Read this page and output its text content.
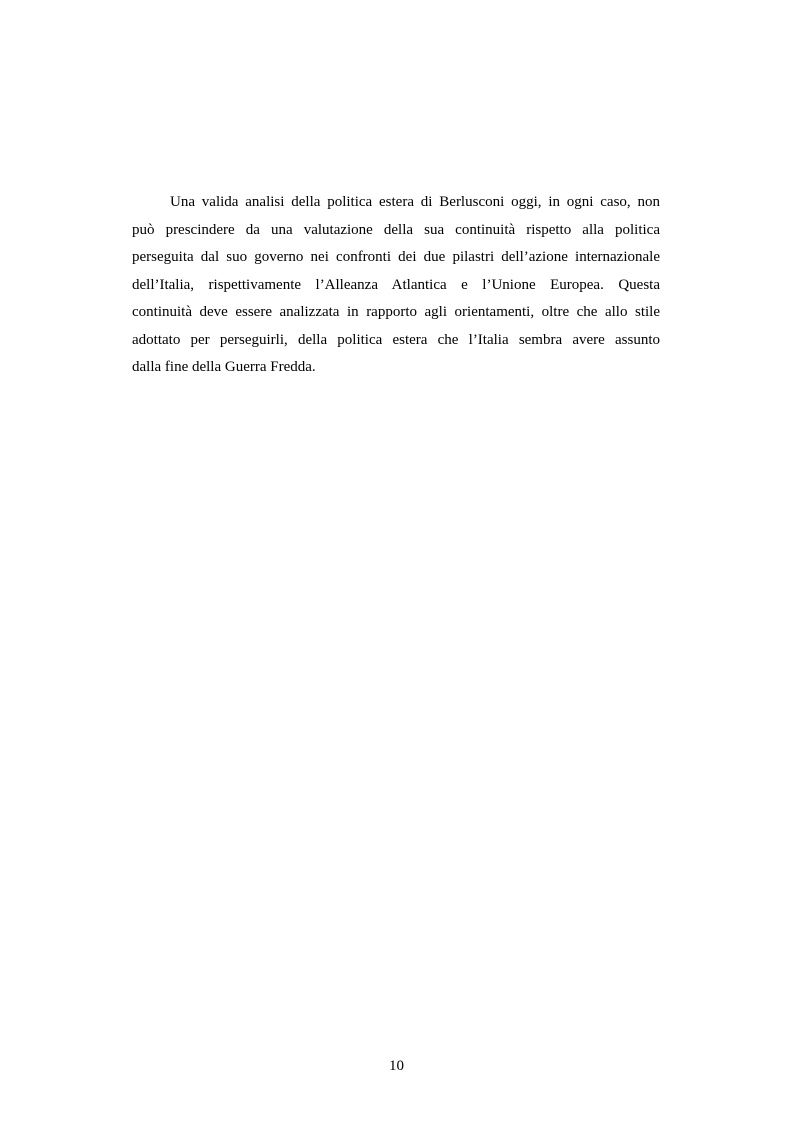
Una valida analisi della politica estera di Berlusconi oggi, in ogni caso, non
può prescindere da una valutazione della sua continuità rispetto alla politica
perseguita dal suo governo nei confronti dei due pilastri dell’azione internazionale
dell’Italia, rispettivamente l’Alleanza Atlantica e l’Unione Europea. Questa
continuità deve essere analizzata in rapporto agli orientamenti, oltre che allo stile
adottato per perseguirli, della politica estera che l’Italia sembra avere assunto
dalla fine della Guerra Fredda.
10
